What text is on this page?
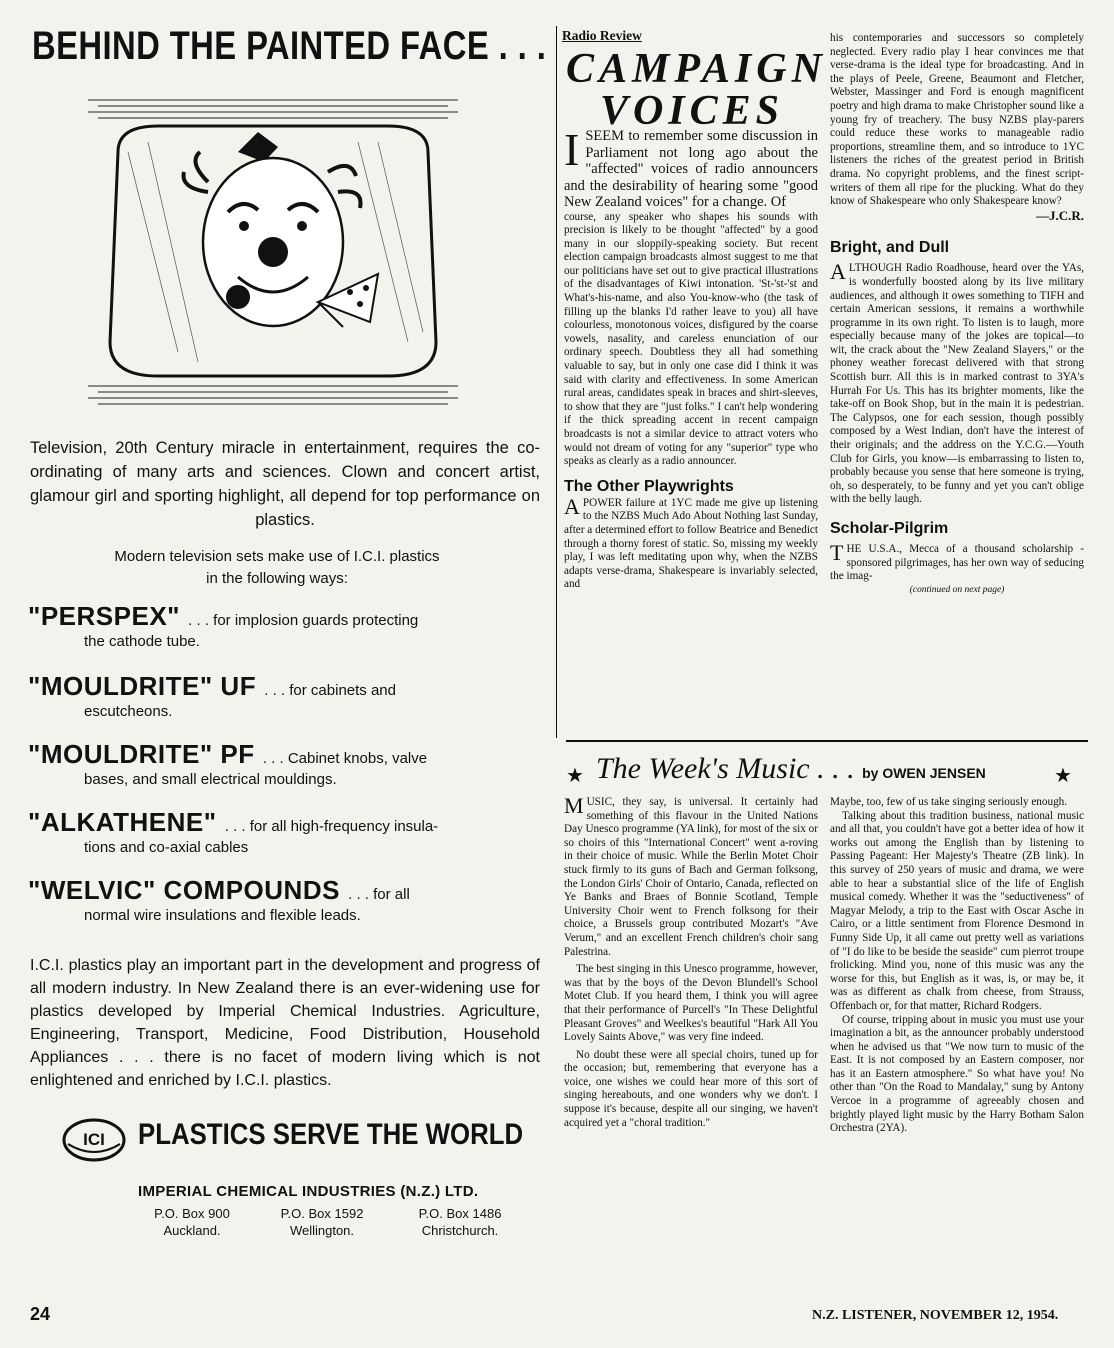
BEHIND THE PAINTED FACE . . .
Television, 20th Century miracle in entertainment, requires the co-ordinating of many arts and sciences. Clown and concert artist, glamour girl and sporting highlight, all depend for top performance on plastics.
Modern television sets make use of I.C.I. plastics in the following ways:
"PERSPEX" . . . for implosion guards protecting
the cathode tube.
"MOULDRITE" UF . . . for cabinets and
escutcheons.
"MOULDRITE" PF . . . Cabinet knobs, valve
bases, and small electrical mouldings.
"ALKATHENE" . . . for all high-frequency insula-
tions and co-axial cables
"WELVIC" COMPOUNDS . . . for all
normal wire insulations and flexible leads.
I.C.I. plastics play an important part in the development and progress of all modern industry. In New Zealand there is an ever-widening use for plastics developed by Imperial Chemical Industries. Agriculture, Engineering, Transport, Medicine, Food Distribution, Household Appliances . . . there is no facet of modern living which is not enlightened and enriched by I.C.I. plastics.
ICI PLASTICS SERVE THE WORLD
IMPERIAL CHEMICAL INDUSTRIES (N.Z.) LTD.
P.O. Box 900
Auckland.
P.O. Box 1592
Wellington.
P.O. Box 1486
Christchurch.
Radio Review
CAMPAIGN
VOICES

ISEEM to remember some discussion in Parliament not long ago about the "affected" voices of radio announcers and the desirability of hearing some "good New Zealand voices" for a change. Of

course, any speaker who shapes his sounds with precision is likely to be thought "affected" by a good many in our sloppily-speaking society. But recent election campaign broadcasts almost suggest to me that our politicians have set out to give practical illustrations of the disadvantages of Kiwi intonation. 'St-'st-'st and What's-his-name, and also You-know-who (the task of filling up the blanks I'd rather leave to you) all have colourless, monotonous voices, disfigured by the coarse vowels, nasality, and careless enunciation of our ordinary speech. Doubtless they all had something valuable to say, but in only one case did I think it was said with clarity and effectiveness. In some American rural areas, candidates speak in braces and shirt-sleeves, to show that they are "just folks." I can't help wondering if the thick spreading accent in recent campaign broadcasts is not a similar device to attract voters who would not dream of voting for any "superior" type who speaks as clearly as a radio announcer.

The Other Playwrights

APOWER failure at 1YC made me give up listening to the NZBS Much Ado About Nothing last Sunday, after a determined effort to follow Beatrice and Benedict through a thorny forest of static. So, missing my weekly play, I was left meditating upon why, when the NZBS adapts verse-drama, Shakespeare is invariably selected, and

his contemporaries and successors so completely neglected. Every radio play I hear convinces me that verse-drama is the ideal type for broadcasting. And in the plays of Peele, Greene, Beaumont and Fletcher, Webster, Massinger and Ford is enough magnificent poetry and high drama to make Christopher sound like a young fry of treachery. The busy NZBS play-parers could reduce these works to manageable radio proportions, streamline them, and so introduce to 1YC listeners the riches of the greatest period in British drama. No copyright problems, and the finest script-writers of them all ripe for the plucking. What do they know of Shakespeare who only Shakespeare know?

—J.C.R.
Bright, and Dull

ALTHOUGH Radio Roadhouse, heard over the YAs, is wonderfully boosted along by its live military audiences, and although it owes something to TIFH and certain American sessions, it remains a worthwhile programme in its own right. To listen is to laugh, more especially because many of the jokes are topical—to wit, the crack about the "New Zealand Slayers," or the phoney weather forecast delivered with that strong Scottish burr. All this is in marked contrast to 3YA's Hurrah For Us. This has its brighter moments, like the take-off on Book Shop, but in the main it is pedestrian. The Calypsos, one for each session, though possibly composed by a West Indian, don't have the interest of their originals; and the address on the Y.C.G.—Youth Club for Girls, you know—is embarrassing to listen to, probably because you sense that here someone is trying, oh, so desperately, to be funny and yet you can't oblige with the belly laugh.

Scholar-Pilgrim

THE U.S.A., Mecca of a thousand scholarship - sponsored pilgrimages, has her own way of seducing the imag-

(continued on next page)
★	★
The Week's Music . . . by OWEN JENSEN

MUSIC, they say, is universal. It certainly had something of this flavour in the United Nations Day Unesco programme (YA link), for most of the six or so choirs of this "International Concert" went a-roving in their choice of music. While the Berlin Motet Choir stuck firmly to its guns of Bach and German folksong, the London Girls' Choir of Ontario, Canada, reflected on Ye Banks and Braes of Bonnie Scotland, Temple University Choir went to French folksong for their choice, a Brussels group contributed Mozart's "Ave Verum," and an excellent French children's choir sang Palestrina.

The best singing in this Unesco programme, however, was that by the boys of the Devon Blundell's School Motet Club. If you heard them, I think you will agree that their performance of Purcell's "In These Delightful Pleasant Groves" and Weelkes's beautiful "Hark All You Lovely Saints Above," was very fine indeed.

No doubt these were all special choirs, tuned up for the occasion; but, remembering that everyone has a voice, one wishes we could hear more of this sort of singing hereabouts, and one wonders why we don't. I suppose it's because, despite all our singing, we haven't acquired yet a "choral tradition."

Maybe, too, few of us take singing seriously enough.

Talking about this tradition business, national music and all that, you couldn't have got a better idea of how it works out among the English than by listening to Passing Pageant: Her Majesty's Theatre (ZB link). In this survey of 250 years of music and drama, we were able to hear a substantial slice of the life of English musical comedy. Whether it was the "seductiveness" of Magyar Melody, a trip to the East with Oscar Asche in Cairo, or a little sentiment from Florence Desmond in Funny Side Up, it all came out pretty well as variations of "I do like to be beside the seaside" cum pierrot troupe frolicking. Mind you, none of this music was any the worse for this, but English as it was, is, or may be, it was as different as chalk from cheese, from Strauss, Offenbach or, for that matter, Richard Rodgers.

Of course, tripping about in music you must use your imagination a bit, as the announcer probably understood when he advised us that "We now turn to music of the East. It is not composed by an Eastern composer, nor has it an Eastern atmosphere." So what have you! No other than "On the Road to Mandalay," sung by Antony Vercoe in a programme of agreeably chosen and brightly played light music by the Harry Botham Salon Orchestra (2YA).

24	N.Z. LISTENER, NOVEMBER 12, 1954.
